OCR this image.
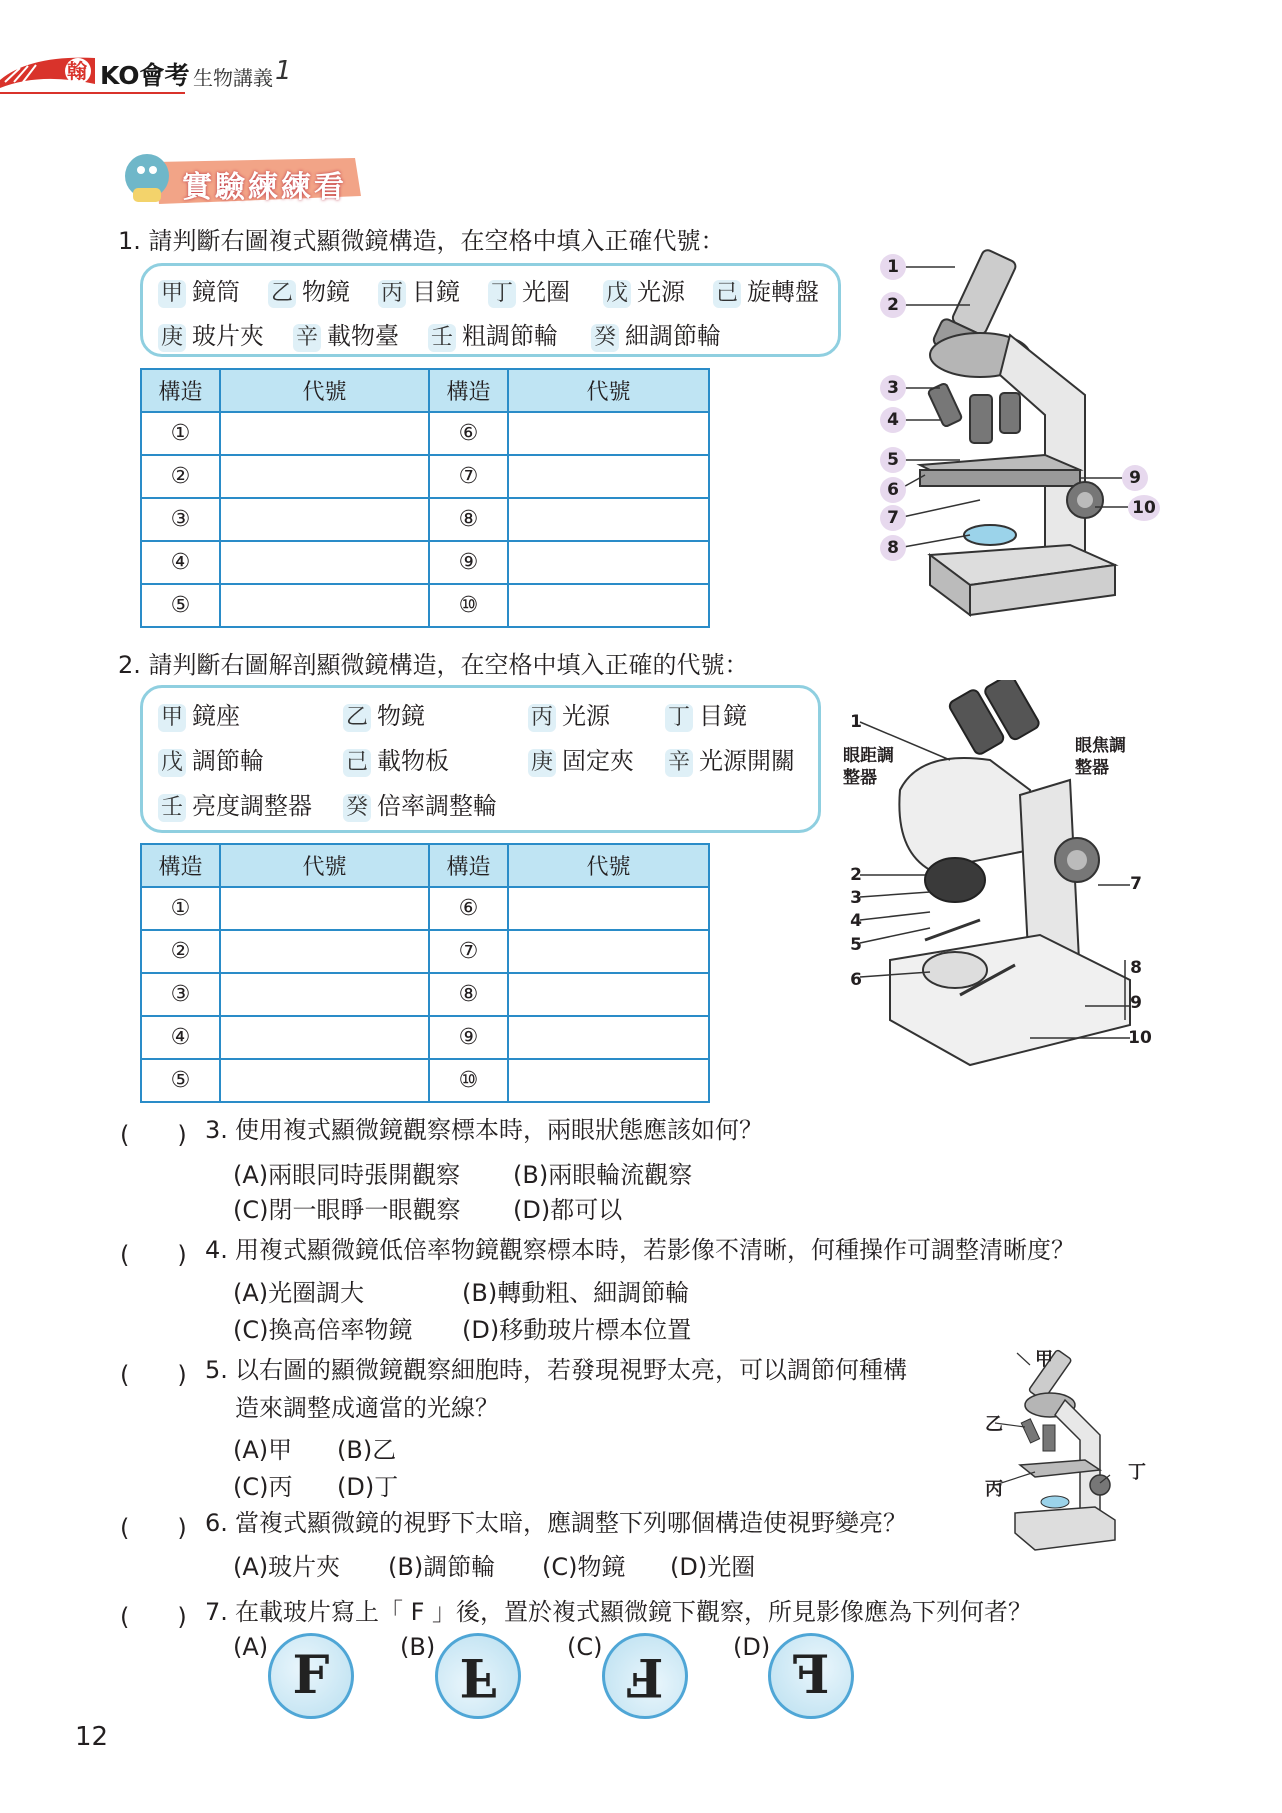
翰 KO會考 生物講義 1
實驗練練看
1. 請判斷右圖複式顯微鏡構造，在空格中填入正確代號：
甲 鏡筒 乙 物鏡 丙 目鏡 丁 光圈 戊 光源 己 旋轉盤
庚 玻片夾 辛 載物臺 壬 粗調節輪 癸 細調節輪
構造	代號	構造	代號
①		⑥	
②		⑦	
③		⑧	
④		⑨	
⑤		⑩	
1
2
3
4
5
6
7
8
9
10
2. 請判斷右圖解剖顯微鏡構造，在空格中填入正確的代號：
甲 鏡座	乙 物鏡	丙 光源	丁 目鏡
戊 調節輪	己 載物板	庚 固定夾 辛 光源開關
壬 亮度調整器 癸 倍率調整輪
構造	代號	構造	代號
①		⑥	
②		⑦	
③		⑧	
④		⑨	
⑤		⑩	
1
2
3
4
5
6
7
8
9
10
眼距調整器
眼焦調整器
(　　) 3. 使用複式顯微鏡觀察標本時，兩眼狀態應該如何？
(A)兩眼同時張開觀察 (B)兩眼輪流觀察
(C)閉一眼睜一眼觀察 (D)都可以
(　　) 4. 用複式顯微鏡低倍率物鏡觀察標本時，若影像不清晰，何種操作可調整清晰度？
(A)光圈調大	(B)轉動粗、細調節輪
(C)換高倍率物鏡 (D)移動玻片標本位置
(　　) 5. 以右圖的顯微鏡觀察細胞時，若發現視野太亮，可以調節何種構
造來調整成適當的光線？
(A)甲 (B)乙
(C)丙 (D)丁
甲
乙
丙
丁
(　　) 6. 當複式顯微鏡的視野下太暗，應調整下列哪個構造使視野變亮？
(A)玻片夾 (B)調節輪 (C)物鏡 (D)光圈
(　　) 7. 在載玻片寫上「 F 」後，置於複式顯微鏡下觀察，所見影像應為下列何者？
(A) F	(B) F	(C) F	(D) F
12
